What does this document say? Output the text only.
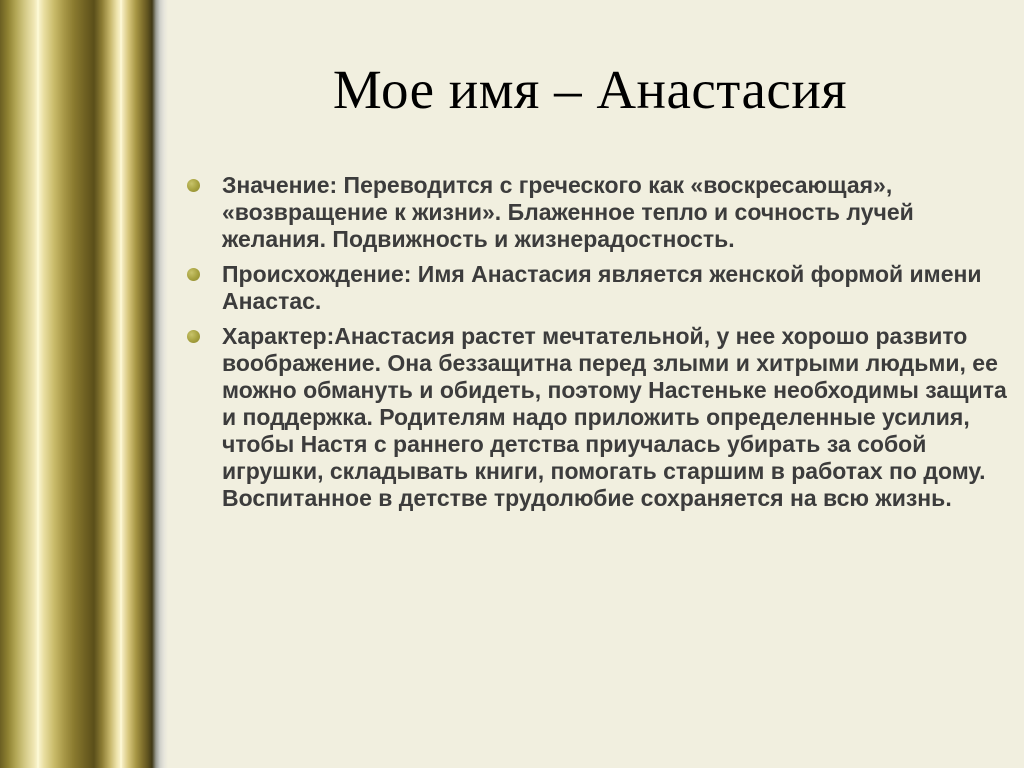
Мое имя – Анастасия
Значение: Переводится с греческого как «воскресающая», «возвращение к жизни». Блаженное тепло и сочность лучей желания. Подвижность и жизнерадостность.
Происхождение: Имя Анастасия является женской формой имени Анастас.
Характер:Анастасия растет мечтательной, у нее хорошо развито воображение. Она беззащитна перед злыми и хитрыми людьми, ее можно обмануть и обидеть, поэтому Настеньке необходимы защита и поддержка. Родителям надо приложить определенные усилия, чтобы Настя с раннего детства приучалась убирать за собой игрушки, складывать книги, помогать старшим в работах по дому. Воспитанное в детстве трудолюбие сохраняется на всю жизнь.
